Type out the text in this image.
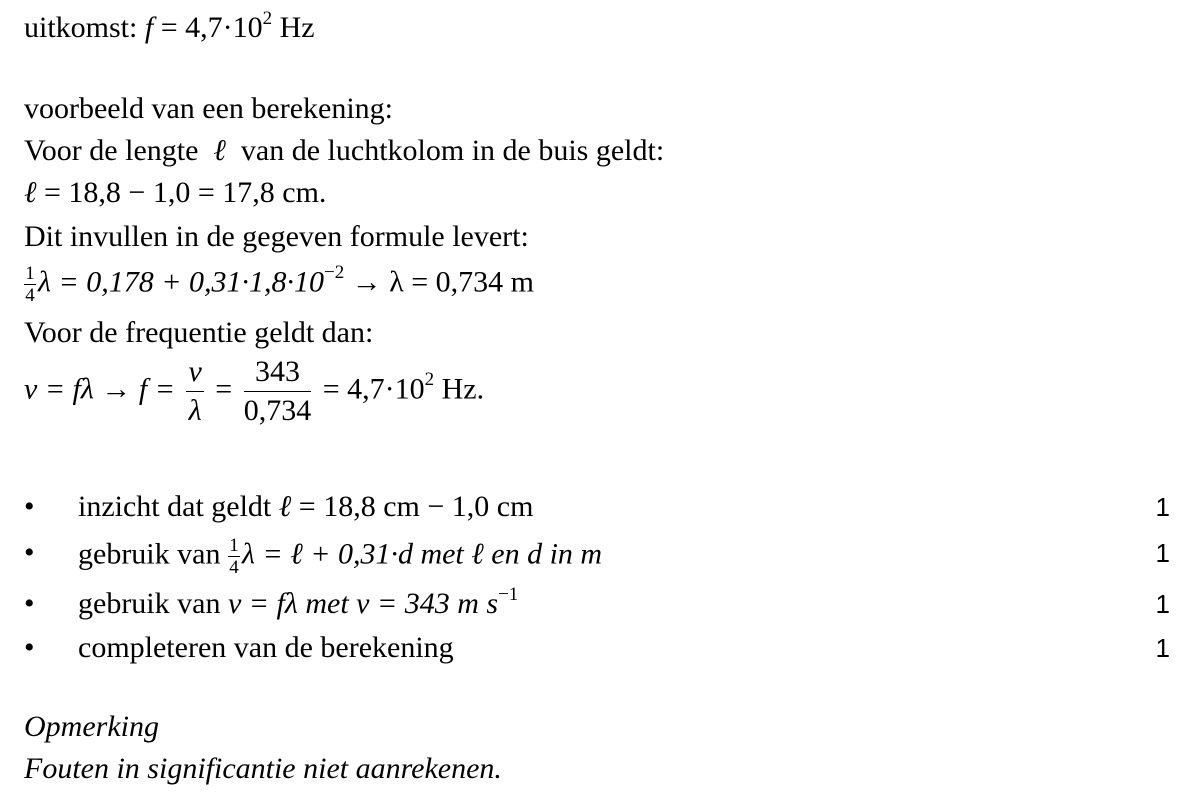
uitkomst: $f = 4,7\cdot 10^2$ Hz
voorbeeld van een berekening:
Voor de lengte  ℓ  van de luchtkolom in de buis geldt:
ℓ = 18,8 − 1,0 = 17,8 cm.
Dit invullen in de gegeven formule levert:
$\frac{1}{4}$ $\lambda = 0,178 + 0,31\cdot 1,8\cdot 10^{-2} \to \lambda = 0,734$ m
Voor de frequentie geldt dan:
$v = f\lambda \to f = \frac{v}{\lambda} = \frac{343}{0,734} = 4,7\cdot 10^2$ Hz.
• inzicht dat geldt ℓ = 18,8 cm − 1,0 cm	1
• gebruik van $\frac{1}{4}$ λ = ℓ + 0,31·d met ℓ en d in m	1
• gebruik van v = fλ met v = 343 m $s^{-1}$	1
• completeren van de berekening	1
Opmerking
Fouten in significantie niet aanrekenen.
